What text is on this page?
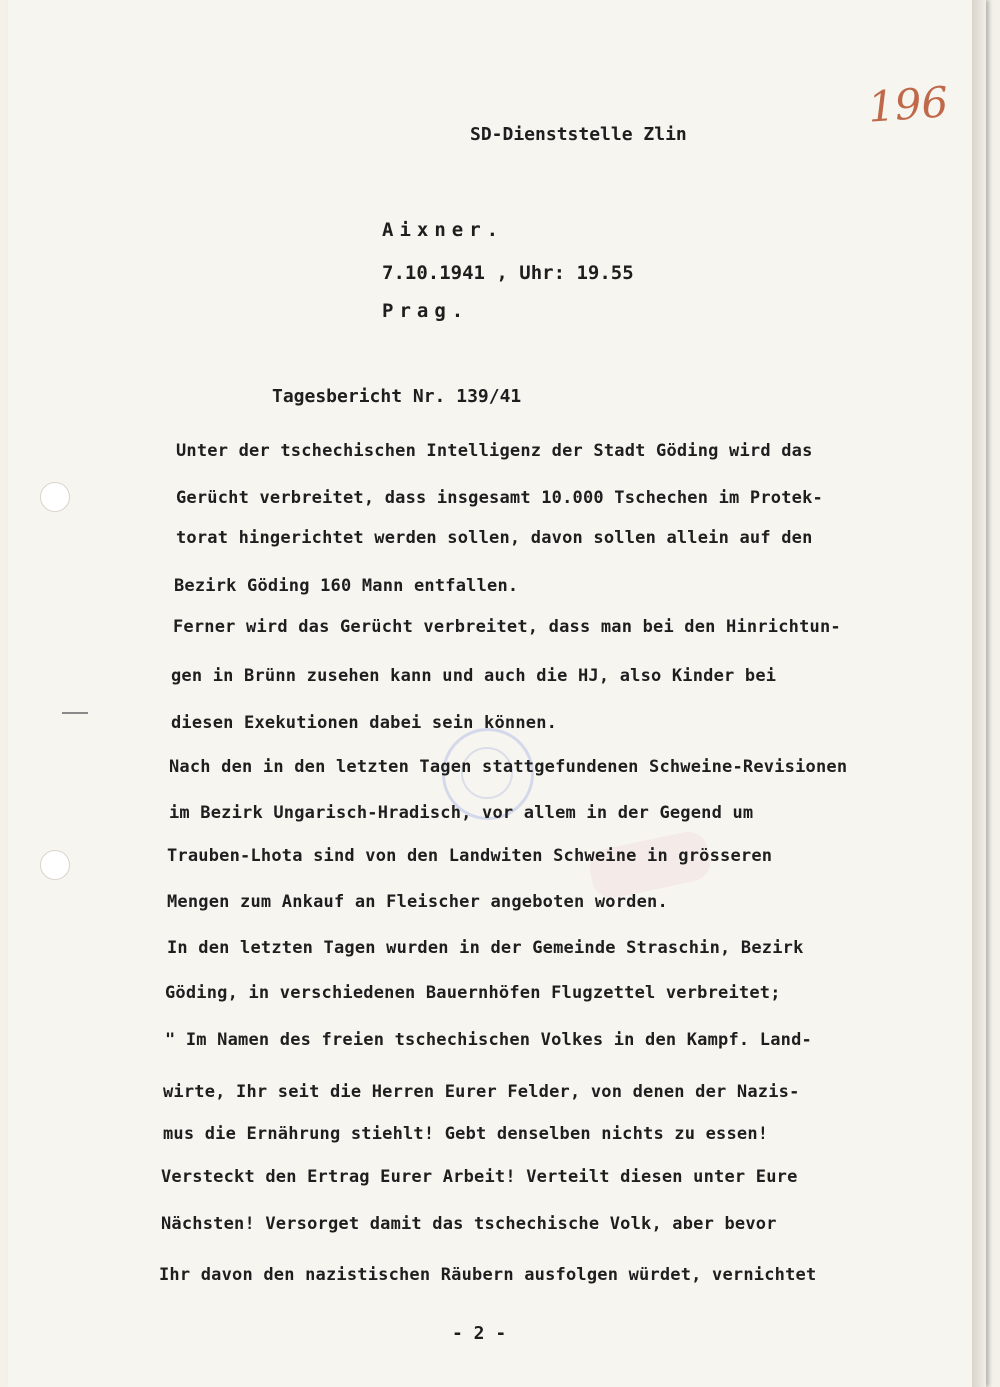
196
SD-Dienststelle Zlin
Aixner.
7.10.1941 , Uhr: 19.55
Prag.
Tagesbericht Nr. 139/41
Unter der tschechischen Intelligenz der Stadt Göding wird das
Gerücht verbreitet, dass insgesamt 10.000 Tschechen im Protek-
torat hingerichtet werden sollen, davon sollen allein auf den
Bezirk Göding 160 Mann entfallen.
Ferner wird das Gerücht verbreitet, dass man bei den Hinrichtun-
gen in Brünn zusehen kann und auch die HJ, also Kinder bei
diesen Exekutionen dabei sein können.
Nach den in den letzten Tagen stattgefundenen Schweine-Revisionen
im Bezirk Ungarisch-Hradisch, vor allem in der Gegend um
Trauben-Lhota sind von den Landwiten Schweine in grösseren
Mengen zum Ankauf an Fleischer angeboten worden.
In den letzten Tagen wurden in der Gemeinde Straschin, Bezirk
Göding, in verschiedenen Bauernhöfen Flugzettel verbreitet;
" Im Namen des freien tschechischen Volkes in den Kampf. Land-
wirte, Ihr seit die Herren Eurer Felder, von denen der Nazis-
mus die Ernährung stiehlt! Gebt denselben nichts zu essen!
Versteckt den Ertrag Eurer Arbeit! Verteilt diesen unter Eure
Nächsten! Versorget damit das tschechische Volk, aber bevor
Ihr davon den nazistischen Räubern ausfolgen würdet, vernichtet
- 2 -
